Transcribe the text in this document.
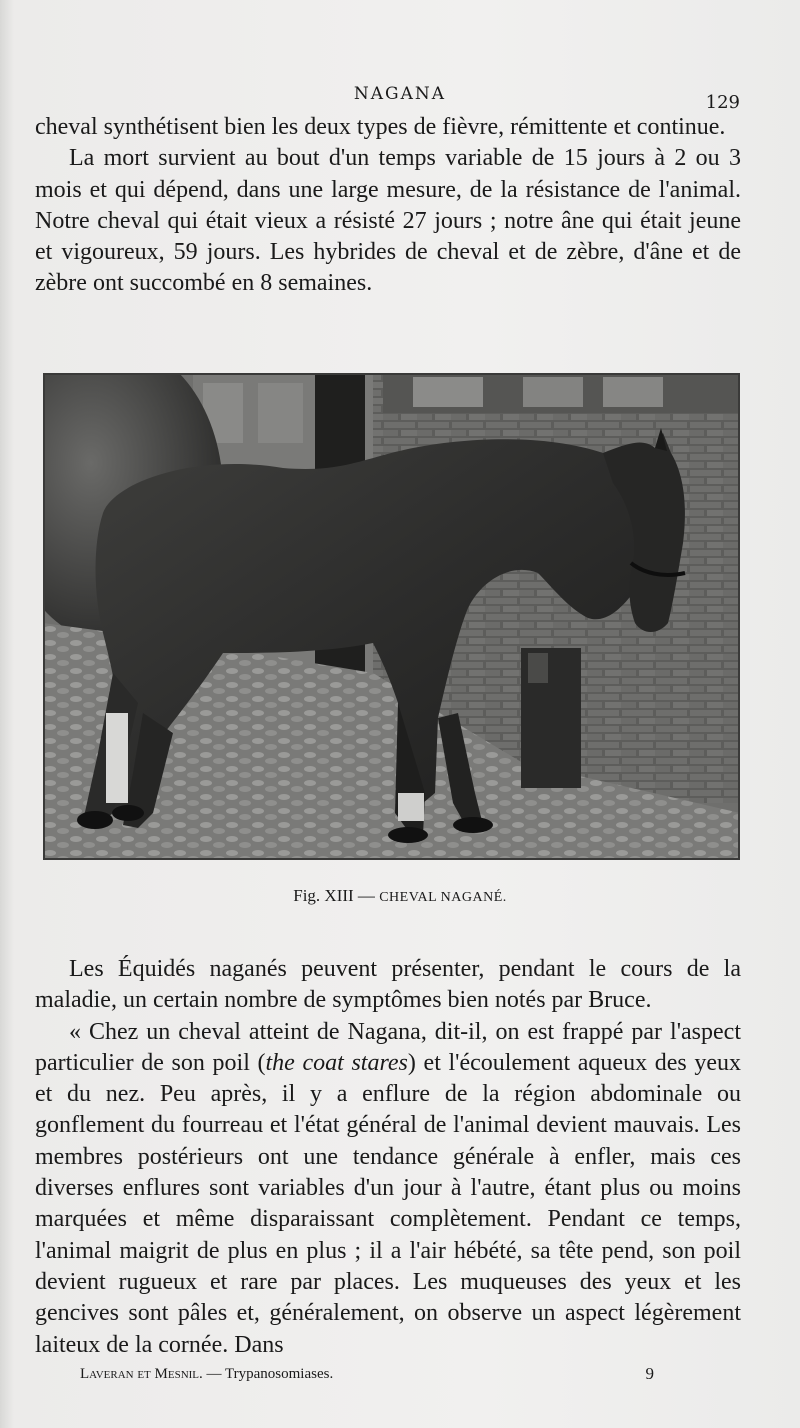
NAGANA	129

cheval synthétisent bien les deux types de fièvre, rémittente et continue.

La mort survient au bout d'un temps variable de 15 jours à 2 ou 3 mois et qui dépend, dans une large mesure, de la résistance de l'animal. Notre cheval qui était vieux a résisté 27 jours ; notre âne qui était jeune et vigoureux, 59 jours. Les hybrides de cheval et de zèbre, d'âne et de zèbre ont succombé en 8 semaines.

Fig. XIII — CHEVAL NAGANÉ.

Les Équidés naganés peuvent présenter, pendant le cours de la maladie, un certain nombre de symptômes bien notés par Bruce.

« Chez un cheval atteint de Nagana, dit-il, on est frappé par l'aspect particulier de son poil (the coat stares) et l'écoulement aqueux des yeux et du nez. Peu après, il y a enflure de la région abdominale ou gonflement du fourreau et l'état général de l'animal devient mauvais. Les membres postérieurs ont une tendance générale à enfler, mais ces diverses enflures sont variables d'un jour à l'autre, étant plus ou moins marquées et même disparaissant complètement. Pendant ce temps, l'animal maigrit de plus en plus ; il a l'air hébété, sa tête pend, son poil devient rugueux et rare par places. Les muqueuses des yeux et les gencives sont pâles et, généralement, on observe un aspect légèrement laiteux de la cornée. Dans

Laveran et Mesnil. — Trypanosomiases.	9
